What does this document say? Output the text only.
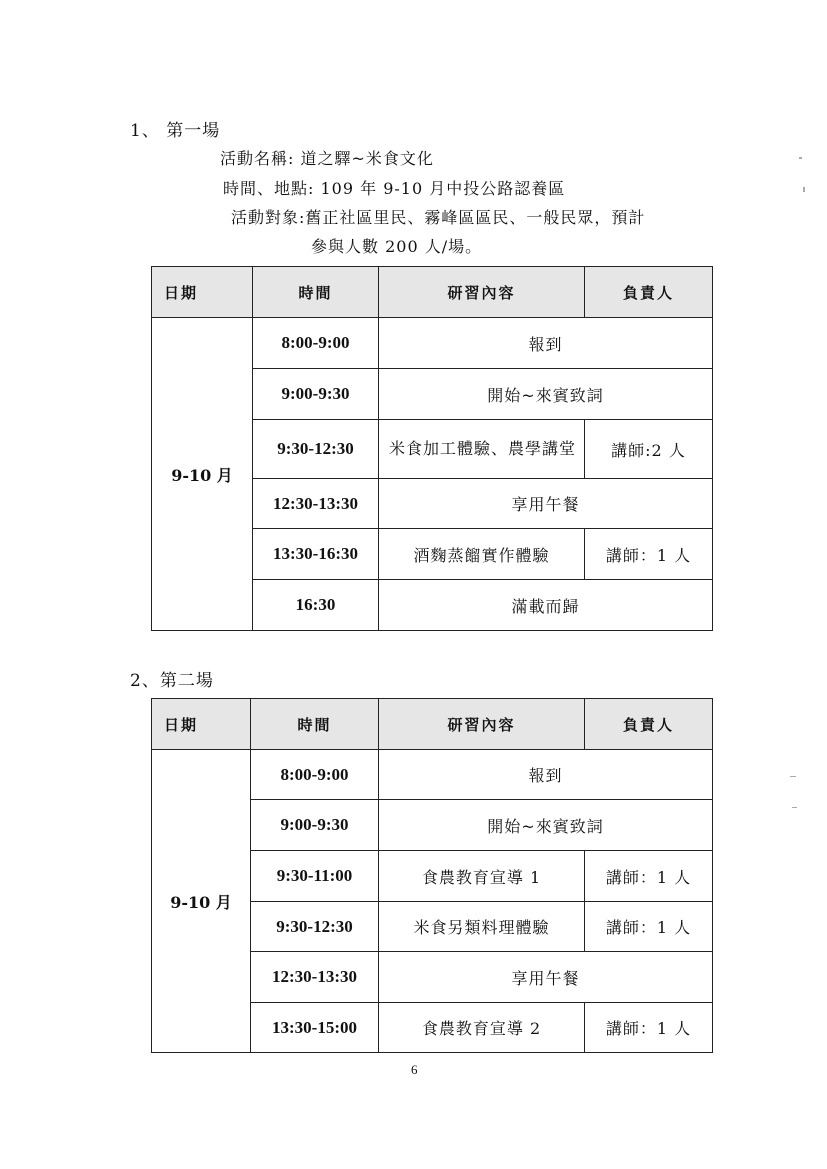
1、 第一場
活動名稱: 道之驛~米食文化
時間、地點: 109 年 9-10 月中投公路認養區
活動對象:舊正社區里民、霧峰區區民、一般民眾，預計
參與人數 200 人/場。
日期	時間	研習內容	負責人
9-10 月	8:00-9:00	報到	
	9:00-9:30	開始~來賓致詞	
	9:30-12:30	米食加工體驗、農學講堂	講師:2 人
	12:30-13:30	享用午餐	
	13:30-16:30	酒麴蒸餾實作體驗	講師：1 人
	16:30	滿載而歸	
2、第二場
日期	時間	研習內容	負責人
9-10 月	8:00-9:00	報到	
	9:00-9:30	開始~來賓致詞	
	9:30-11:00	食農教育宣導 1	講師：1 人
	9:30-12:30	米食另類料理體驗	講師：1 人
	12:30-13:30	享用午餐	
	13:30-15:00	食農教育宣導 2	講師：1 人
6
